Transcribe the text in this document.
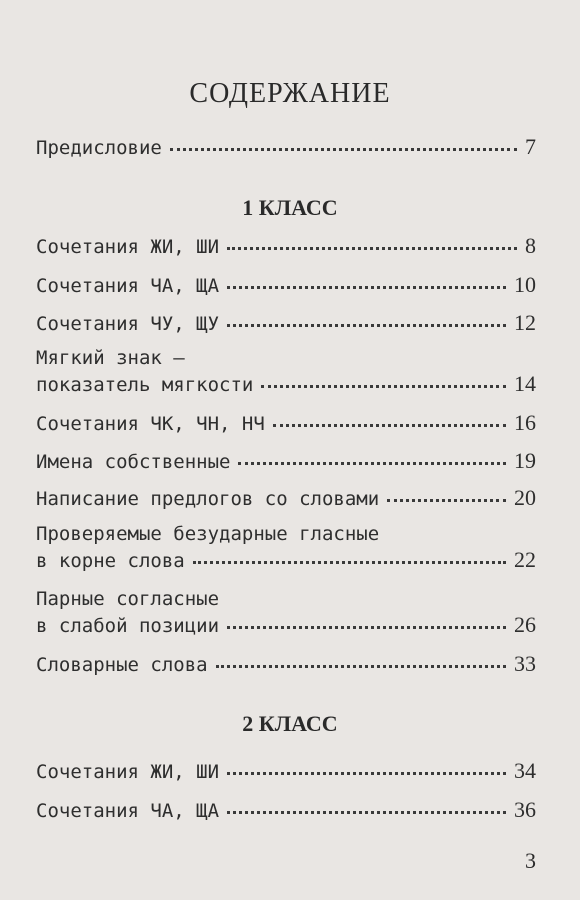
СОДЕРЖАНИЕ
Предисловие	7
1 КЛАСС
Сочетания ЖИ, ШИ	8
Сочетания ЧА, ЩА	10
Сочетания ЧУ, ЩУ	12
Мягкий знак —
показатель мягкости	14
Сочетания ЧК, ЧН, НЧ	16
Имена собственные	19
Написание предлогов со словами	20
Проверяемые безударные гласные
в корне слова	22
Парные согласные
в слабой позиции	26
Словарные слова	33
2 КЛАСС
Сочетания ЖИ, ШИ	34
Сочетания ЧА, ЩА	36
3
